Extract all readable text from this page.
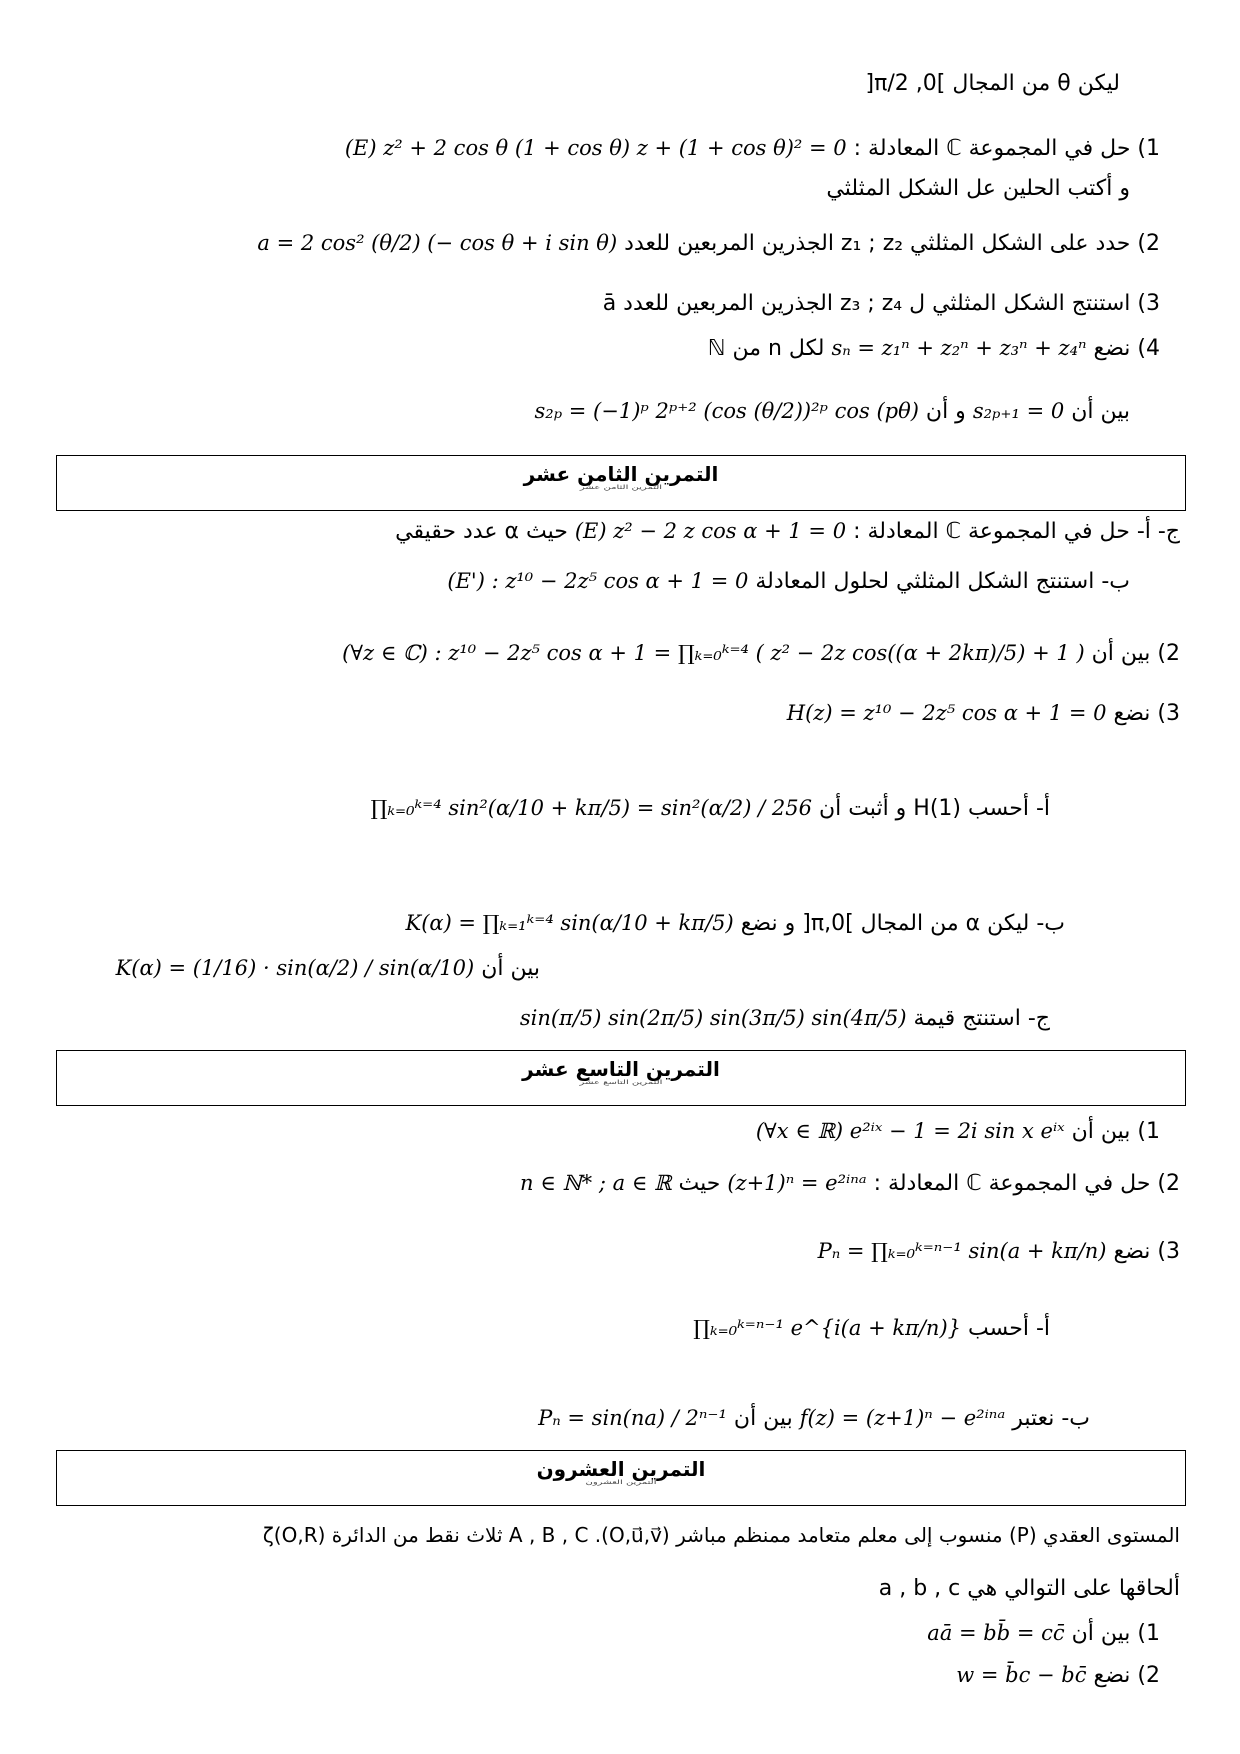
ليكن θ من المجال ]0, π/2[
1) حل في المجموعة ℂ المعادلة : (E) z² + 2 cos θ (1 + cos θ) z + (1 + cos θ)² = 0
و أكتب الحلين عل الشكل المثلثي
2) حدد على الشكل المثلثي z₁ ; z₂ الجذرين المربعين للعدد a = 2 cos² (θ/2) (− cos θ + i sin θ)
3) استنتج الشكل المثلثي ل z₃ ; z₄ الجذرين المربعين للعدد ā
4) نضع sₙ = z₁ⁿ + z₂ⁿ + z₃ⁿ + z₄ⁿ لكل n من ℕ
بين أن s₂ₚ₊₁ = 0 و أن s₂ₚ = (−1)ᵖ 2ᵖ⁺² (cos (θ/2))²ᵖ cos (pθ)
التمرين الثامن عشر
التمرين الثامن عشر
ج- أ- حل في المجموعة ℂ المعادلة : (E) z² − 2 z cos α + 1 = 0 حيث α عدد حقيقي
ب- استنتج الشكل المثلثي لحلول المعادلة (E') : z¹⁰ − 2z⁵ cos α + 1 = 0
2) بين أن (∀z ∈ ℂ) : z¹⁰ − 2z⁵ cos α + 1 = ∏ₖ₌₀ᵏ⁼⁴ ( z² − 2z cos((α + 2kπ)/5) + 1 )
3) نضع H(z) = z¹⁰ − 2z⁵ cos α + 1 = 0
أ- أحسب H(1) و أثبت أن ∏ₖ₌₀ᵏ⁼⁴ sin²(α/10 + kπ/5) = sin²(α/2) / 256
ب- ليكن α من المجال ]0,π[ و نضع K(α) = ∏ₖ₌₁ᵏ⁼⁴ sin(α/10 + kπ/5)
بين أن K(α) = (1/16) · sin(α/2) / sin(α/10)
ج- استنتج قيمة sin(π/5) sin(2π/5) sin(3π/5) sin(4π/5)
التمرين التاسع عشر
التمرين التاسع عشر
1) بين أن (∀x ∈ ℝ) e²ⁱˣ − 1 = 2i sin x eⁱˣ
2) حل في المجموعة ℂ المعادلة : (z+1)ⁿ = e²ⁱⁿᵃ حيث n ∈ ℕ* ; a ∈ ℝ
3) نضع Pₙ = ∏ₖ₌₀ᵏ⁼ⁿ⁻¹ sin(a + kπ/n)
أ- أحسب ∏ₖ₌₀ᵏ⁼ⁿ⁻¹ e^{i(a + kπ/n)}
ب- نعتبر f(z) = (z+1)ⁿ − e²ⁱⁿᵃ بين أن Pₙ = sin(na) / 2ⁿ⁻¹
التمرين العشرون
التمرين العشرون
المستوى العقدي (P) منسوب إلى معلم متعامد ممنظم مباشر (O,u⃗,v⃗). A , B , C ثلاث نقط من الدائرة ζ(O,R)
ألحاقها على التوالي هي a , b , c
1) بين أن aā = bb̄ = cc̄
2) نضع w = b̄c − bc̄
